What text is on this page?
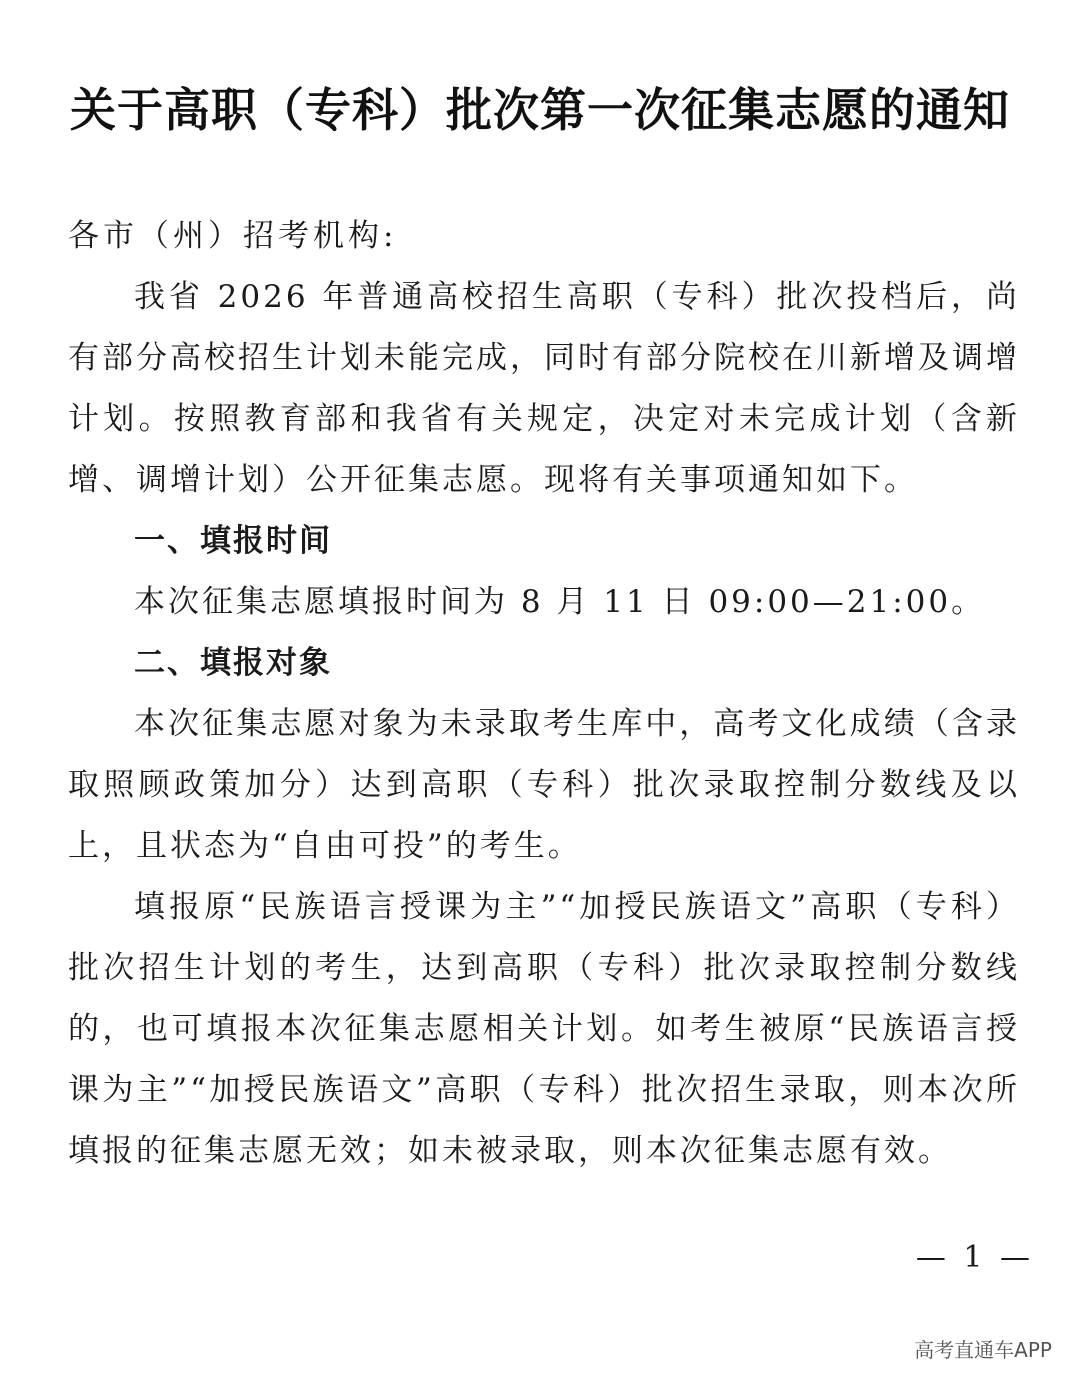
关于高职（专科）批次第一次征集志愿的通知
各市（州）招考机构:

我省 2026 年普通高校招生高职（专科）批次投档后，尚有部分高校招生计划未能完成，同时有部分院校在川新增及调增计划。按照教育部和我省有关规定，决定对未完成计划（含新增、调增计划）公开征集志愿。现将有关事项通知如下。

一、填报时间

本次征集志愿填报时间为 8 月 11 日 09:00—21:00。

二、填报对象

本次征集志愿对象为未录取考生库中，高考文化成绩（含录取照顾政策加分）达到高职（专科）批次录取控制分数线及以上，且状态为“自由可投”的考生。

填报原“民族语言授课为主”“加授民族语文”高职（专科）批次招生计划的考生，达到高职（专科）批次录取控制分数线的，也可填报本次征集志愿相关计划。如考生被原“民族语言授课为主”“加授民族语文”高职（专科）批次招生录取，则本次所填报的征集志愿无效；如未被录取，则本次征集志愿有效。

— 1 —
高考直通车APP
